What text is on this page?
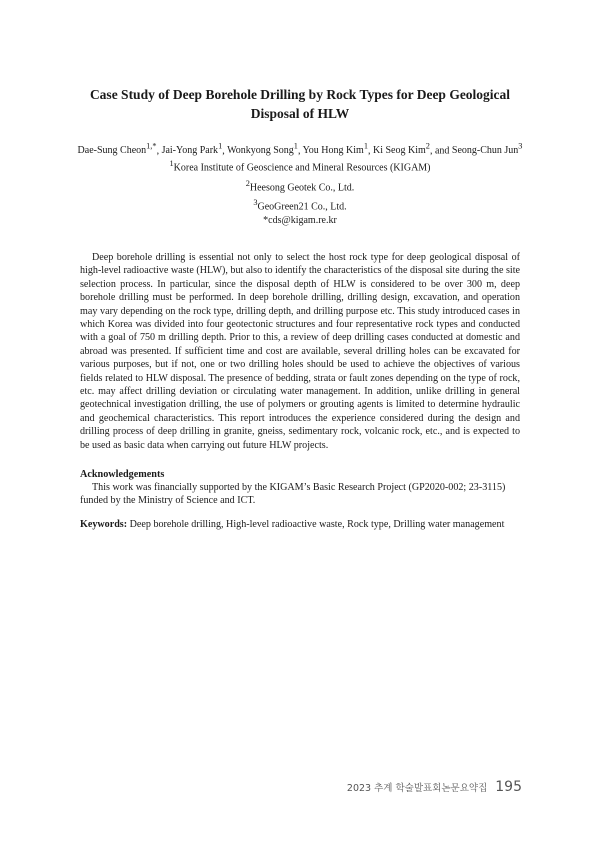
Case Study of Deep Borehole Drilling by Rock Types for Deep Geological Disposal of HLW
Dae-Sung Cheon$^{1,*}$, Jai-Yong Park$^1$, Wonkyong Song$^1$, You Hong Kim$^1$, Ki Seog Kim$^2$, and Seong-Chun Jun$^3$
$^1$Korea Institute of Geoscience and Mineral Resources (KIGAM)
$^2$Heesong Geotek Co., Ltd.
$^3$GeoGreen21 Co., Ltd.
*cds@kigam.re.kr

Deep borehole drilling is essential not only to select the host rock type for deep geological disposal of high-level radioactive waste (HLW), but also to identify the characteristics of the disposal site during the site selection process. In particular, since the disposal depth of HLW is considered to be over 300 m, deep borehole drilling must be performed. In deep borehole drilling, drilling design, excavation, and operation may vary depending on the rock type, drilling depth, and drilling purpose etc. This study introduced cases in which Korea was divided into four geotectonic structures and four representative rock types and conducted with a goal of 750 m drilling depth. Prior to this, a review of deep drilling cases conducted at domestic and abroad was presented. If sufficient time and cost are available, several drilling holes can be excavated for various purposes, but if not, one or two drilling holes should be used to achieve the objectives of various fields related to HLW disposal. The presence of bedding, strata or fault zones depending on the type of rock, etc. may affect drilling deviation or circulating water management. In addition, unlike drilling in general geotechnical investigation drilling, the use of polymers or grouting agents is limited to determine hydraulic and geochemical characteristics. This report introduces the experience considered during the design and drilling process of deep drilling in granite, gneiss, sedimentary rock, volcanic rock, etc., and is expected to be used as basic data when carrying out future HLW projects.

Acknowledgements

This work was financially supported by the KIGAM’s Basic Research Project (GP2020-002; 23-3115) funded by the Ministry of Science and ICT.

Keywords: Deep borehole drilling, High-level radioactive waste, Rock type, Drilling water management

2023 추계 학술발표회논문요약집 195
